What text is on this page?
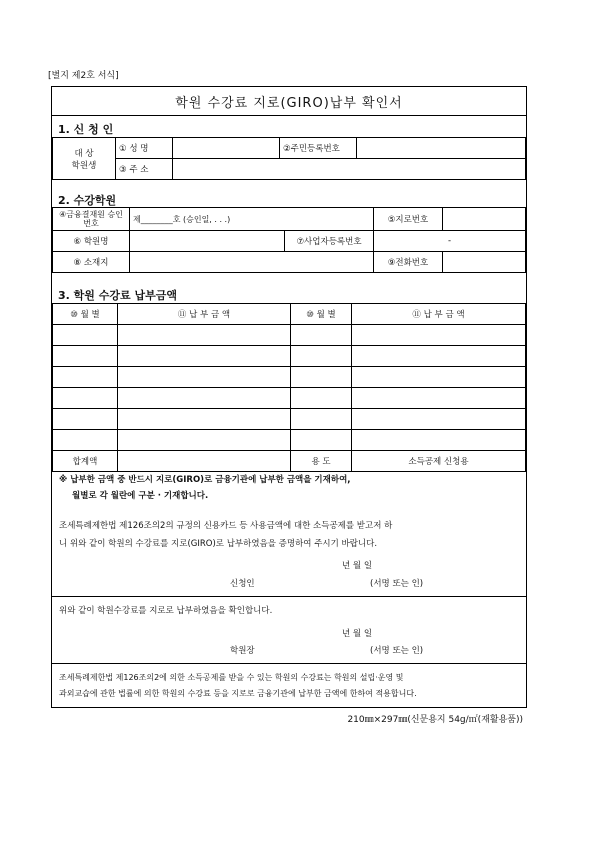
[별지 제2호 서식]
학원 수강료 지로(GIRO)납부 확인서
1. 신 청 인
대 상
학원생	① 성 명		②주민등록번호	
	③ 주 소			
2. 수강학원
④금융결재원 승인번호	제________호 (승인일, . . .)		⑤지로번호	
⑥ 학원명		⑦사업자등록번호	-	
⑧ 소재지			⑨전화번호	
3. 학원 수강료 납부금액
⑩ 월 별	⑪ 납 부 금 액	⑩ 월 별	⑪ 납 부 금 액

합계액		용 도	소득공제 신청용
※ 납부한 금액 중 반드시 지로(GIRO)로 금융기관에 납부한 금액을 기재하여,
월별로 각 월란에 구분 · 기재합니다.
조세특례제한법 제126조의2의 규정의 신용카드 등 사용금액에 대한 소득공제를 받고저 하
니 위와 같이 학원의 수강료를 지로(GIRO)로 납부하였음을 증명하여 주시기 바랍니다.
년 월 일
신청인	(서명 또는 인)
위와 같이 학원수강료를 지로로 납부하였음을 확인합니다.
년 월 일
학원장	(서명 또는 인)
조세특례제한법 제126조의2에 의한 소득공제를 받을 수 있는 학원의 수강료는 학원의 설립·운영 및
과외교습에 관한 법률에 의한 학원의 수강료 등을 지로로 금융기관에 납부한 금액에 한하여 적용합니다.
210㎜×297㎜(신문용지 54g/㎡(재활용품))
